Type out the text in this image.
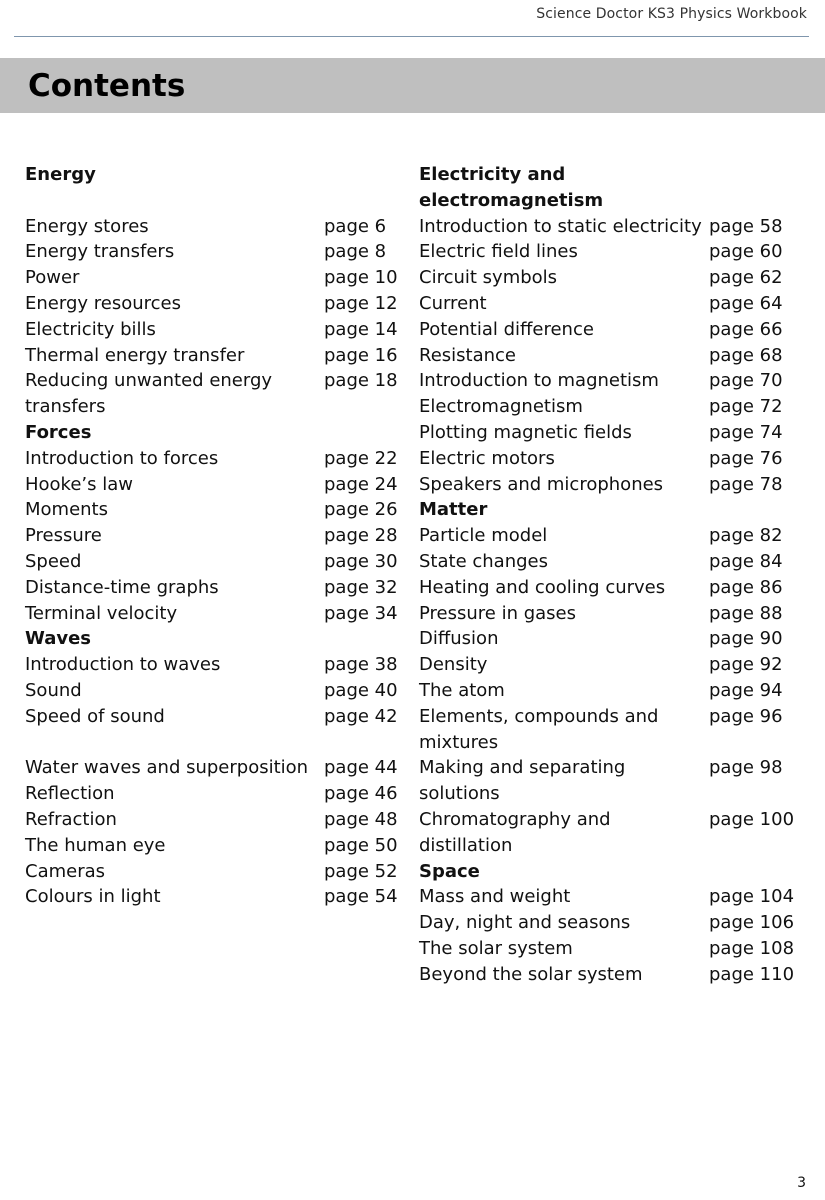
Science Doctor KS3 Physics Workbook
Contents
Energy
Energy stores	page 6
Energy transfers	page 8
Power	page 10
Energy resources	page 12
Electricity bills	page 14
Thermal energy transfer	page 16
Reducing unwanted energy transfers
page 18
Forces
Introduction to forces	page 22
Hooke’s law	page 24
Moments	page 26
Pressure	page 28
Speed	page 30
Distance-time graphs	page 32
Terminal velocity	page 34
Waves
Introduction to waves	page 38
Sound	page 40
Speed of sound	page 42
Water waves and superposition page 44
Reflection	page 46
Refraction	page 48
The human eye	page 50
Cameras	page 52
Colours in light	page 54
Electricity and electromagnetism
Introduction to static electricity page 58
Electric field lines	page 60
Circuit symbols	page 62
Current	page 64
Potential difference	page 66
Resistance	page 68
Introduction to magnetism	page 70
Electromagnetism	page 72
Plotting magnetic fields	page 74
Electric motors	page 76
Speakers and microphones	page 78
Matter
Particle model	page 82
State changes	page 84
Heating and cooling curves	page 86
Pressure in gases	page 88
Diffusion	page 90
Density	page 92
The atom	page 94
Elements, compounds and mixtures
page 96
Making and separating solutions
page 98
Chromatography and distillation
page 100
Space
Mass and weight	page 104
Day, night and seasons	page 106
The solar system	page 108
Beyond the solar system	page 110
3
